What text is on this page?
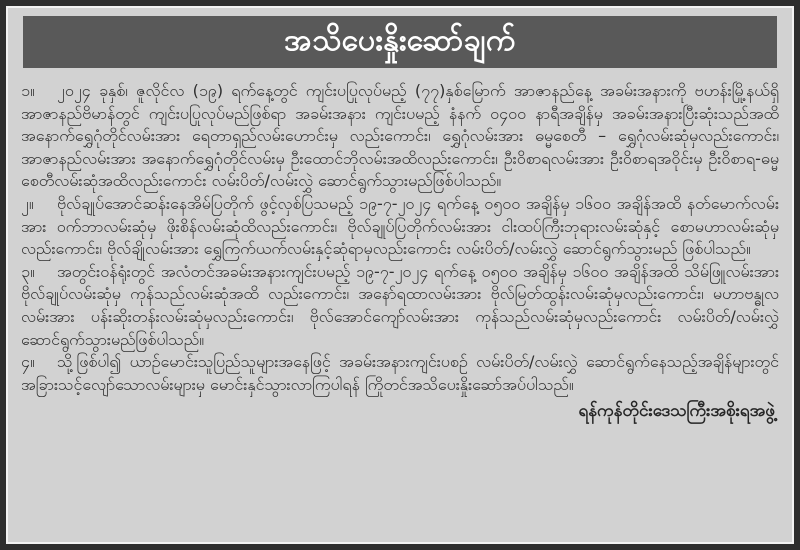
အသိပေးနှိုးဆော်ချက်

၁။ ၂၀၂၄ ခုနှစ်၊ ဇူလိုင်လ (၁၉) ရက်နေ့တွင် ကျင်းပပြုလုပ်မည့် (၇၇)နှစ်မြောက် အာဇာနည်နေ့ အခမ်းအနားကို ဗဟန်းမြို့နယ်ရှိ အာဇာနည်ဗိမာန်တွင် ကျင်းပပြုလုပ်မည်ဖြစ်ရာ အခမ်းအနား ကျင်းပမည့် နံနက် ၀၄၀၀ နာရီအချိန်မှ အခမ်းအနားပြီးဆုံးသည်အထိ အနောက်ရွှေဂုံတိုင်လမ်းအား ရေတာရှည်လမ်းဟောင်းမှ လည်းကောင်း၊ ရွှေဂုံလမ်းအား ဓမ္မစေတီ – ရွှေဂုံလမ်းဆုံမှလည်းကောင်း၊ အာဇာနည်လမ်းအား အနောက်ရွှေဂုံတိုင်လမ်းမှ ဦးထောင်ဘိုလမ်းအထိလည်းကောင်း၊ ဦးဝိစာရလမ်းအား ဦးဝိစာရအဝိုင်းမှ ဦးဝိစာရ-ဓမ္မစေတီလမ်းဆုံအထိလည်းကောင်း လမ်းပိတ်/လမ်းလွှဲ ဆောင်ရွက်သွားမည်ဖြစ်ပါသည်။

၂။ ဗိုလ်ချုပ်အောင်ဆန်းနေအိမ်ပြတိုက် ဖွင့်လှစ်ပြသမည့် ၁၉-၇-၂၀၂၄ ရက်နေ့ ၀၅၀၀ အချိန်မှ ၁၆၀၀ အချိန်အထိ နတ်မောက်လမ်းအား ဝက်ဘာလမ်းဆုံမှ ဖိုးစိန်လမ်းဆုံထိလည်းကောင်း၊ ဗိုလ်ချုပ်ပြတိုက်လမ်းအား ငါးထပ်ကြီးဘုရားလမ်းဆုံနှင့် စောမဟာလမ်းဆုံမှလည်းကောင်း၊ ဗိုလ်ချိုလမ်းအား ရွှေကြက်ယက်လမ်းနှင့်ဆုံရာမှလည်းကောင်း လမ်းပိတ်/လမ်းလွှဲ ဆောင်ရွက်သွားမည် ဖြစ်ပါသည်။

၃။ အတွင်းဝန်ရုံးတွင် အလံတင်အခမ်းအနားကျင်းပမည့် ၁၉-၇-၂၀၂၄ ရက်နေ့ ၀၅၀၀ အချိန်မှ ၁၆၀၀ အချိန်အထိ သိမ်ဖြူလမ်းအား ဗိုလ်ချုပ်လမ်းဆုံမှ ကုန်သည်လမ်းဆုံအထိ လည်းကောင်း၊ အနော်ရထာလမ်းအား ဗိုလ်မြတ်ထွန်းလမ်းဆုံမှလည်းကောင်း၊ မဟာဗန္ဓုလလမ်းအား ပန်းဆိုးတန်းလမ်းဆုံမှလည်းကောင်း၊ ဗိုလ်အောင်ကျော်လမ်းအား ကုန်သည်လမ်းဆုံမှလည်းကောင်း လမ်းပိတ်/လမ်းလွှဲ ဆောင်ရွက်သွားမည်ဖြစ်ပါသည်။

၄။ သို့ဖြစ်ပါ၍ ယာဉ်မောင်းသူပြည်သူများအနေဖြင့် အခမ်းအနားကျင်းပစဉ် လမ်းပိတ်/လမ်းလွှဲ ဆောင်ရွက်နေသည့်အချိန်များတွင် အခြားသင့်လျော်သောလမ်းများမှ မောင်းနှင်သွားလာကြပါရန် ကြိုတင်အသိပေးနှိုးဆော်အပ်ပါသည်။

ရန်ကုန်တိုင်းဒေသကြီးအစိုးရအဖွဲ့
